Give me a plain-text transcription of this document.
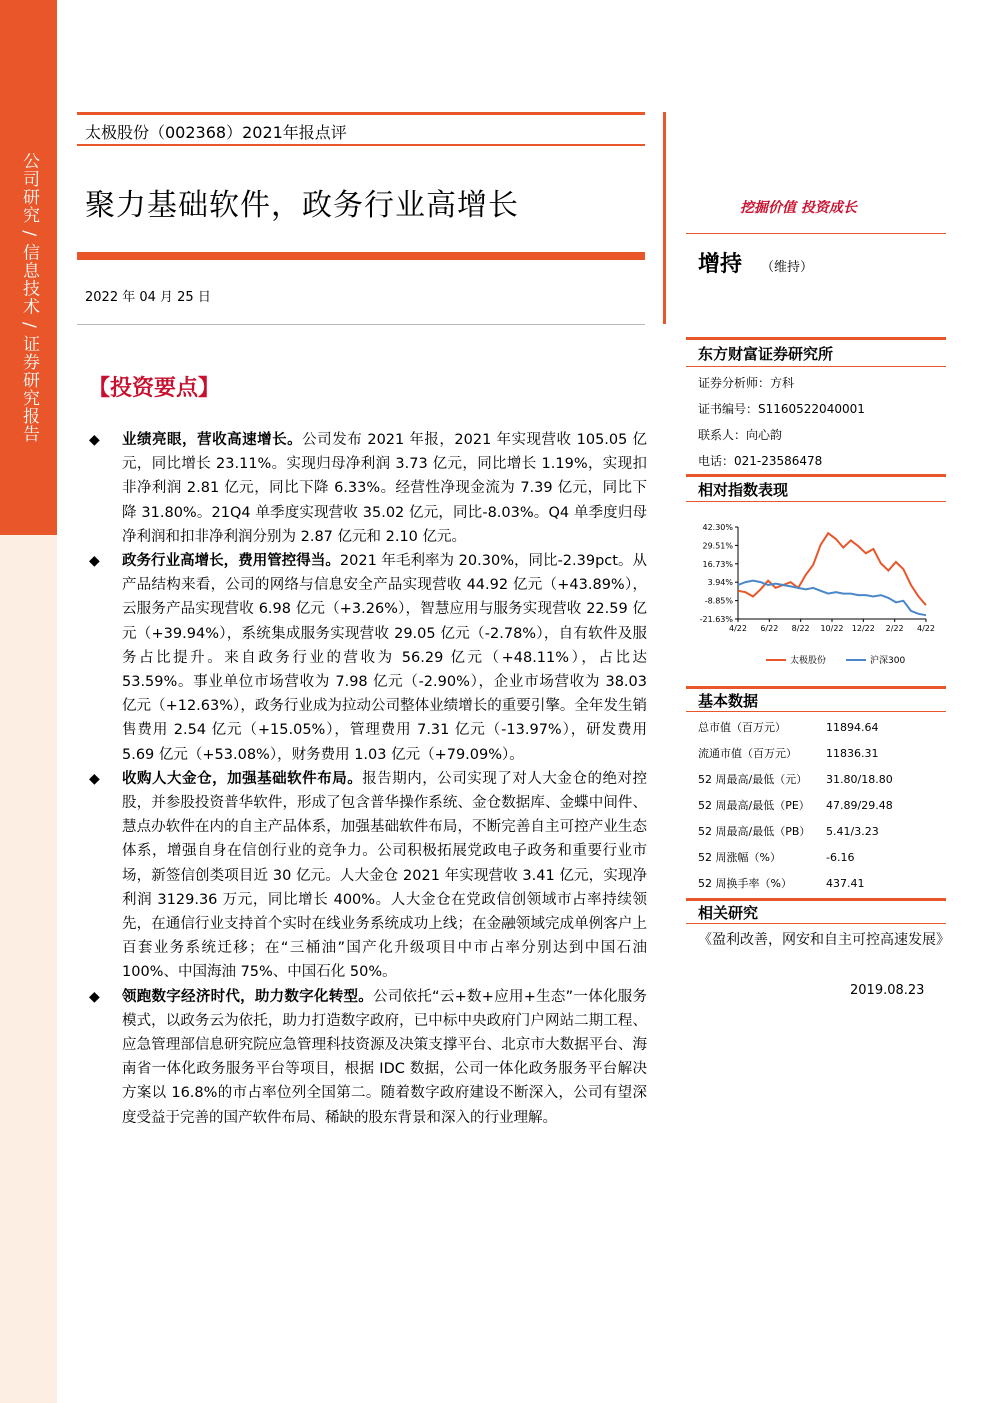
公司研究 / 信息技术 / 证券研究报告
太极股份（002368）2021年报点评
聚力基础软件，政务行业高增长	挖掘价值 投资成长
2022 年 04 月 25 日
增持 （维持）
东方财富证券研究所
证券分析师：方科
证书编号：S1160522040001
联系人：向心韵
电话：021-23586478
相对指数表现
42.30%
29.51%
16.73%
3.94%
-8.85%
-21.63%
4/22 6/22 8/22 10/22 12/22 2/22 4/22
太极股份	沪深300
基本数据
总市值（百万元）	11894.64
流通市值（百万元）	11836.31
52 周最高/最低（元）	31.80/18.80
52 周最高/最低（PE）	47.89/29.48
52 周最高/最低（PB）	5.41/3.23
52 周涨幅（%）	-6.16
52 周换手率（%）	437.41
相关研究
《盈利改善，网安和自主可控高速发展》
2019.08.23
【投资要点】

◆ 业绩亮眼，营收高速增长。公司发布 2021 年报，2021 年实现营收 105.05 亿元，同比增长 23.11%。实现归母净利润 3.73 亿元，同比增长 1.19%，实现扣非净利润 2.81 亿元，同比下降 6.33%。经营性净现金流为 7.39 亿元，同比下降 31.80%。21Q4 单季度实现营收 35.02 亿元，同比-8.03%。Q4 单季度归母净利润和扣非净利润分别为 2.87 亿元和 2.10 亿元。

◆ 政务行业高增长，费用管控得当。2021 年毛利率为 20.30%，同比-2.39pct。从产品结构来看，公司的网络与信息安全产品实现营收 44.92 亿元（+43.89%），云服务产品实现营收 6.98 亿元（+3.26%），智慧应用与服务实现营收 22.59 亿元（+39.94%），系统集成服务实现营收 29.05 亿元（-2.78%），自有软件及服务占比提升。来自政务行业的营收为 56.29 亿元（+48.11%），占比达 53.59%。事业单位市场营收为 7.98 亿元（-2.90%），企业市场营收为 38.03 亿元（+12.63%），政务行业成为拉动公司整体业绩增长的重要引擎。全年发生销售费用 2.54 亿元（+15.05%），管理费用 7.31 亿元（-13.97%），研发费用 5.69 亿元（+53.08%），财务费用 1.03 亿元（+79.09%）。

◆ 收购人大金仓，加强基础软件布局。报告期内，公司实现了对人大金仓的绝对控股，并参股投资普华软件，形成了包含普华操作系统、金仓数据库、金蝶中间件、慧点办软件在内的自主产品体系，加强基础软件布局，不断完善自主可控产业生态体系，增强自身在信创行业的竞争力。公司积极拓展党政电子政务和重要行业市场，新签信创类项目近 30 亿元。人大金仓 2021 年实现营收 3.41 亿元，实现净利润 3129.36 万元，同比增长 400%。人大金仓在党政信创领域市占率持续领先，在通信行业支持首个实时在线业务系统成功上线；在金融领域完成单例客户上百套业务系统迁移；在“三桶油”国产化升级项目中市占率分别达到中国石油 100%、中国海油 75%、中国石化 50%。

◆ 领跑数字经济时代，助力数字化转型。公司依托“云+数+应用+生态”一体化服务模式，以政务云为依托，助力打造数字政府，已中标中央政府门户网站二期工程、应急管理部信息研究院应急管理科技资源及决策支撑平台、北京市大数据平台、海南省一体化政务服务平台等项目，根据 IDC 数据，公司一体化政务服务平台解决方案以 16.8%的市占率位列全国第二。随着数字政府建设不断深入，公司有望深度受益于完善的国产软件布局、稀缺的股东背景和深入的行业理解。
